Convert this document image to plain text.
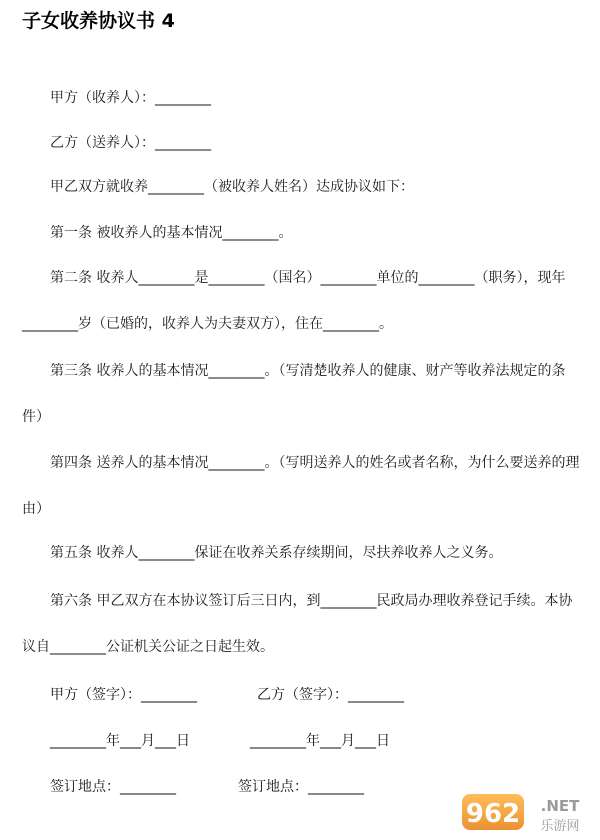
子女收养协议书 4
甲方（收养人）：________
乙方（送养人）：________
甲乙双方就收养________（被收养人姓名）达成协议如下：
第一条 被收养人的基本情况________。
第二条 收养人________是________（国名）________单位的________（职务），现年________岁（已婚的，收养人为夫妻双方），住在________。
第三条 收养人的基本情况________。（写清楚收养人的健康、财产等收养法规定的条件）
第四条 送养人的基本情况________。（写明送养人的姓名或者名称，为什么要送养的理由）
第五条 收养人________保证在收养关系存续期间，尽扶养收养人之义务。
第六条 甲乙双方在本协议签订后三日内，到________民政局办理收养登记手续。本协议自________公证机关公证之日起生效。
甲方（签字）：________	乙方（签字）：________
________年___月___日	________年___月___日
签订地点：________	签订地点：________
962 .NET
乐游网
